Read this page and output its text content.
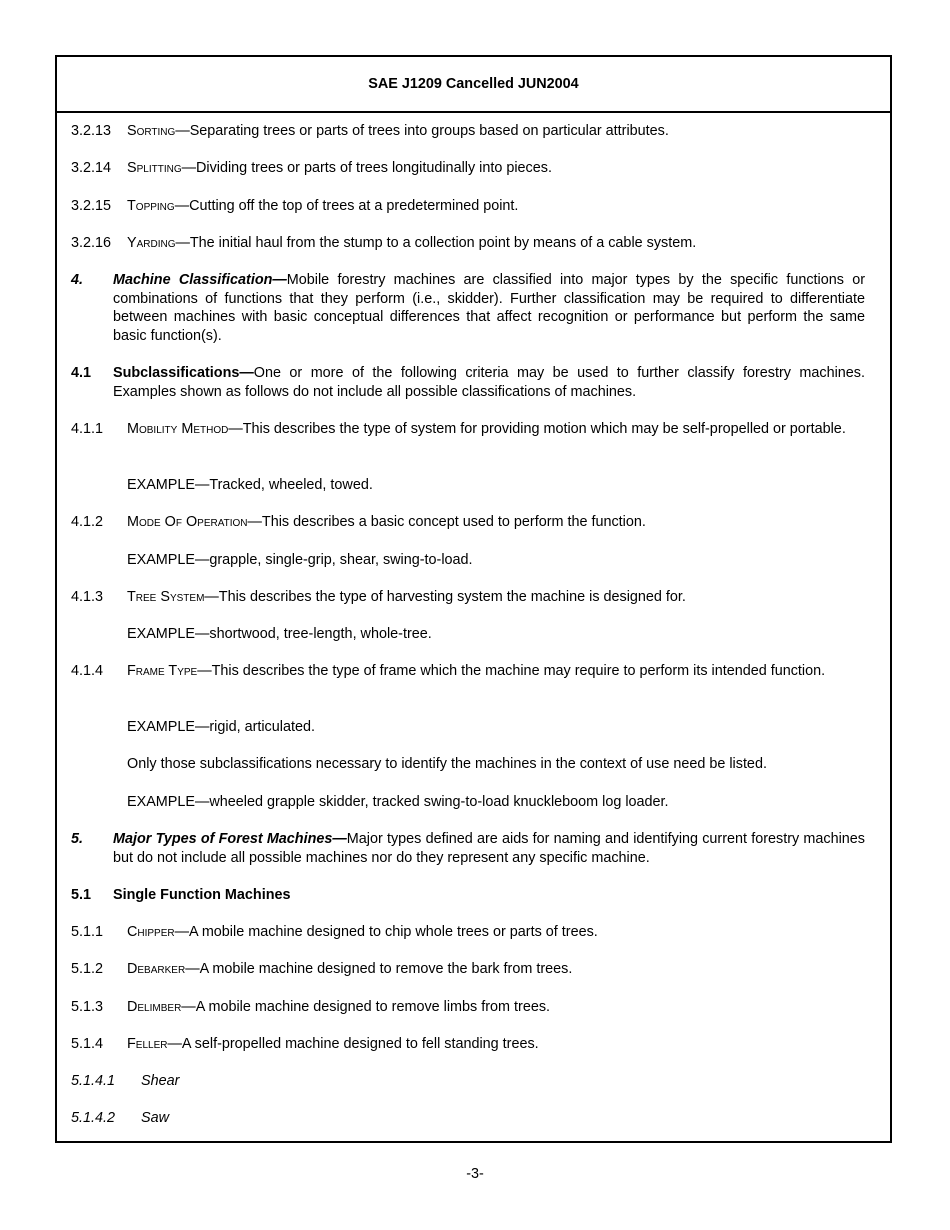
SAE J1209 Cancelled JUN2004
3.2.13 Sorting—Separating trees or parts of trees into groups based on particular attributes.
3.2.14 Splitting—Dividing trees or parts of trees longitudinally into pieces.
3.2.15 Topping—Cutting off the top of trees at a predetermined point.
3.2.16 Yarding—The initial haul from the stump to a collection point by means of a cable system.
4. Machine Classification—Mobile forestry machines are classified into major types by the specific functions or combinations of functions that they perform (i.e., skidder). Further classification may be required to differentiate between machines with basic conceptual differences that affect recognition or performance but perform the same basic function(s).
4.1 Subclassifications—One or more of the following criteria may be used to further classify forestry machines. Examples shown as follows do not include all possible classifications of machines.
4.1.1 Mobility Method—This describes the type of system for providing motion which may be self-propelled or portable.
EXAMPLE—Tracked, wheeled, towed.
4.1.2 Mode Of Operation—This describes a basic concept used to perform the function.
EXAMPLE—grapple, single-grip, shear, swing-to-load.
4.1.3 Tree System—This describes the type of harvesting system the machine is designed for.
EXAMPLE—shortwood, tree-length, whole-tree.
4.1.4 Frame Type—This describes the type of frame which the machine may require to perform its intended function.
EXAMPLE—rigid, articulated.
Only those subclassifications necessary to identify the machines in the context of use need be listed.
EXAMPLE—wheeled grapple skidder, tracked swing-to-load knuckleboom log loader.
5. Major Types of Forest Machines—Major types defined are aids for naming and identifying current forestry machines but do not include all possible machines nor do they represent any specific machine.
5.1 Single Function Machines
5.1.1 Chipper—A mobile machine designed to chip whole trees or parts of trees.
5.1.2 Debarker—A mobile machine designed to remove the bark from trees.
5.1.3 Delimber—A mobile machine designed to remove limbs from trees.
5.1.4 Feller—A self-propelled machine designed to fell standing trees.
5.1.4.1 Shear
5.1.4.2 Saw
-3-
